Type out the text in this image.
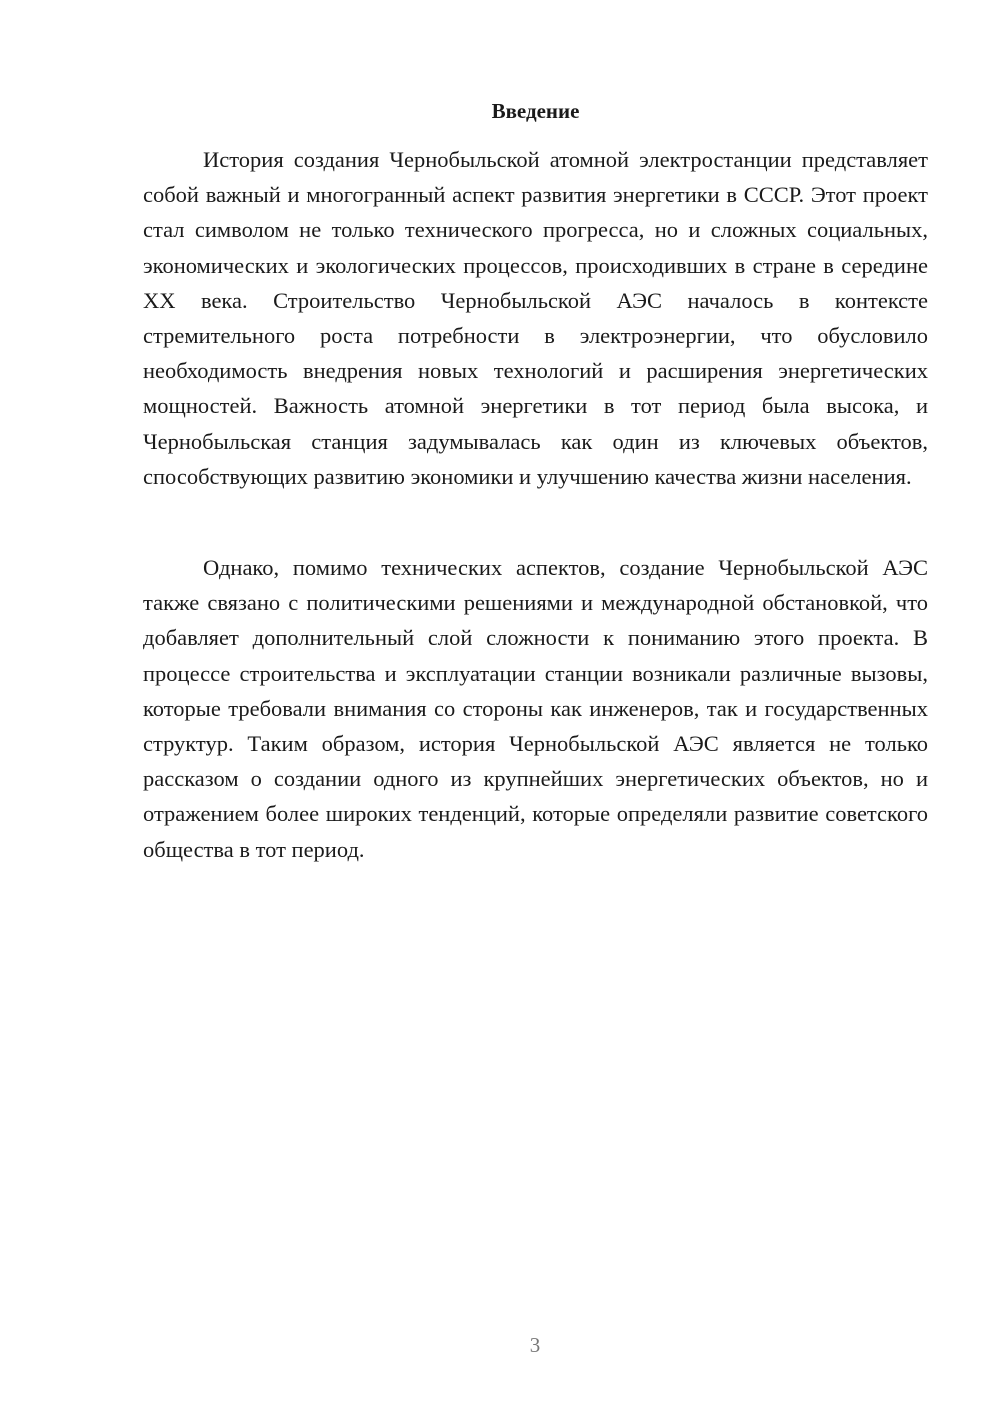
Введение

История создания Чернобыльской атомной электростанции представляет собой важный и многогранный аспект развития энергетики в СССР. Этот проект стал символом не только технического прогресса, но и сложных социальных, экономических и экологических процессов, происходивших в стране в середине XX века. Строительство Чернобыльской АЭС началось в контексте стремительного роста потребности в электроэнергии, что обусловило необходимость внедрения новых технологий и расширения энергетических мощностей. Важность атомной энергетики в тот период была высока, и Чернобыльская станция задумывалась как один из ключевых объектов, способствующих развитию экономики и улучшению качества жизни населения.

Однако, помимо технических аспектов, создание Чернобыльской АЭС также связано с политическими решениями и международной обстановкой, что добавляет дополнительный слой сложности к пониманию этого проекта. В процессе строительства и эксплуатации станции возникали различные вызовы, которые требовали внимания со стороны как инженеров, так и государственных структур. Таким образом, история Чернобыльской АЭС является не только рассказом о создании одного из крупнейших энергетических объектов, но и отражением более широких тенденций, которые определяли развитие советского общества в тот период.

3
